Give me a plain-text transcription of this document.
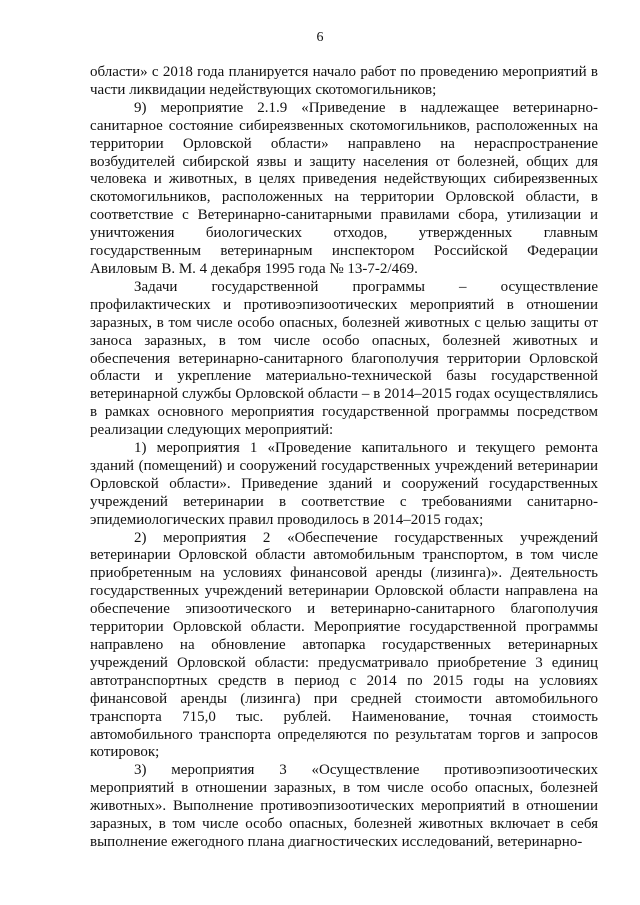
6

области» с 2018 года планируется начало работ по проведению мероприятий в части ликвидации недействующих скотомогильников;

9) мероприятие 2.1.9 «Приведение в надлежащее ветеринарно-санитарное состояние сибиреязвенных скотомогильников, расположенных на территории Орловской области» направлено на нераспространение возбудителей сибирской язвы и защиту населения от болезней, общих для человека и животных, в целях приведения недействующих сибиреязвенных скотомогильников, расположенных на территории Орловской области, в соответствие с Ветеринарно-санитарными правилами сбора, утилизации и уничтожения биологических отходов, утвержденных главным государственным ветеринарным инспектором Российской Федерации Авиловым В. М. 4 декабря 1995 года № 13-7-2/469.

Задачи государственной программы – осуществление профилактических и противоэпизоотических мероприятий в отношении заразных, в том числе особо опасных, болезней животных с целью защиты от заноса заразных, в том числе особо опасных, болезней животных и обеспечения ветеринарно-санитарного благополучия территории Орловской области и укрепление материально-технической базы государственной ветеринарной службы Орловской области – в 2014–2015 годах осуществлялись в рамках основного мероприятия государственной программы посредством реализации следующих мероприятий:

1) мероприятия 1 «Проведение капитального и текущего ремонта зданий (помещений) и сооружений государственных учреждений ветеринарии Орловской области». Приведение зданий и сооружений государственных учреждений ветеринарии в соответствие с требованиями санитарно-эпидемиологических правил проводилось в 2014–2015 годах;

2) мероприятия 2 «Обеспечение государственных учреждений ветеринарии Орловской области автомобильным транспортом, в том числе приобретенным на условиях финансовой аренды (лизинга)». Деятельность государственных учреждений ветеринарии Орловской области направлена на обеспечение эпизоотического и ветеринарно-санитарного благополучия территории Орловской области. Мероприятие государственной программы направлено на обновление автопарка государственных ветеринарных учреждений Орловской области: предусматривало приобретение 3 единиц автотранспортных средств в период с 2014 по 2015 годы на условиях финансовой аренды (лизинга) при средней стоимости автомобильного транспорта 715,0 тыс. рублей. Наименование, точная стоимость автомобильного транспорта определяются по результатам торгов и запросов котировок;

3) мероприятия 3 «Осуществление противоэпизоотических мероприятий в отношении заразных, в том числе особо опасных, болезней животных». Выполнение противоэпизоотических мероприятий в отношении заразных, в том числе особо опасных, болезней животных включает в себя выполнение ежегодного плана диагностических исследований, ветеринарно-
